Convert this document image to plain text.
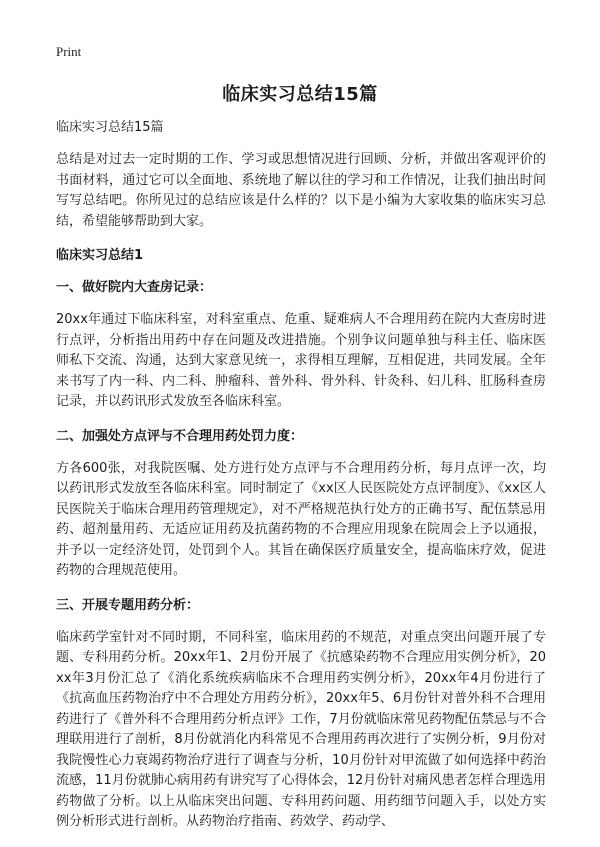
Print
临床实习总结15篇

临床实习总结15篇

总结是对过去一定时期的工作、学习或思想情况进行回顾、分析，并做出客观评价的书面材料，通过它可以全面地、系统地了解以往的学习和工作情况，让我们抽出时间写写总结吧。你所见过的总结应该是什么样的？以下是小编为大家收集的临床实习总结，希望能够帮助到大家。

临床实习总结1

一、做好院内大查房记录：

20xx年通过下临床科室，对科室重点、危重、疑难病人不合理用药在院内大查房时进行点评，分析指出用药中存在问题及改进措施。个别争议问题单独与科主任、临床医师私下交流、沟通，达到大家意见统一，求得相互理解，互相促进，共同发展。全年来书写了内一科、内二科、肿瘤科、普外科、骨外科、针灸科、妇儿科、肛肠科查房记录，并以药讯形式发放至各临床科室。

二、加强处方点评与不合理用药处罚力度：

方各600张，对我院医嘱、处方进行处方点评与不合理用药分析，每月点评一次，均以药讯形式发放至各临床科室。同时制定了《xx区人民医院处方点评制度》、《xx区人民医院关于临床合理用药管理规定》，对不严格规范执行处方的正确书写、配伍禁忌用药、超剂量用药、无适应证用药及抗菌药物的不合理应用现象在院周会上予以通报，并予以一定经济处罚，处罚到个人。其旨在确保医疗质量安全，提高临床疗效，促进药物的合理规范使用。

三、开展专题用药分析：

临床药学室针对不同时期，不同科室，临床用药的不规范，对重点突出问题开展了专题、专科用药分析。20xx年1、2月份开展了《抗感染药物不合理应用实例分析》，20xx年3月份汇总了《消化系统疾病临床不合理用药实例分析》，20xx年4月份进行了《抗高血压药物治疗中不合理处方用药分析》，20xx年5、6月份针对普外科不合理用药进行了《普外科不合理用药分析点评》工作，7月份就临床常见药物配伍禁忌与不合理联用进行了剖析，8月份就消化内科常见不合理用药再次进行了实例分析，9月份对我院慢性心力衰竭药物治疗进行了调查与分析，10月份针对甲流做了如何选择中药治流感，11月份就肺心病用药有讲究写了心得体会，12月份针对痛风患者怎样合理选用药物做了分析。以上从临床突出问题、专科用药问题、用药细节问题入手，以处方实例分析形式进行剖析。从药物治疗指南、药效学、药动学、
